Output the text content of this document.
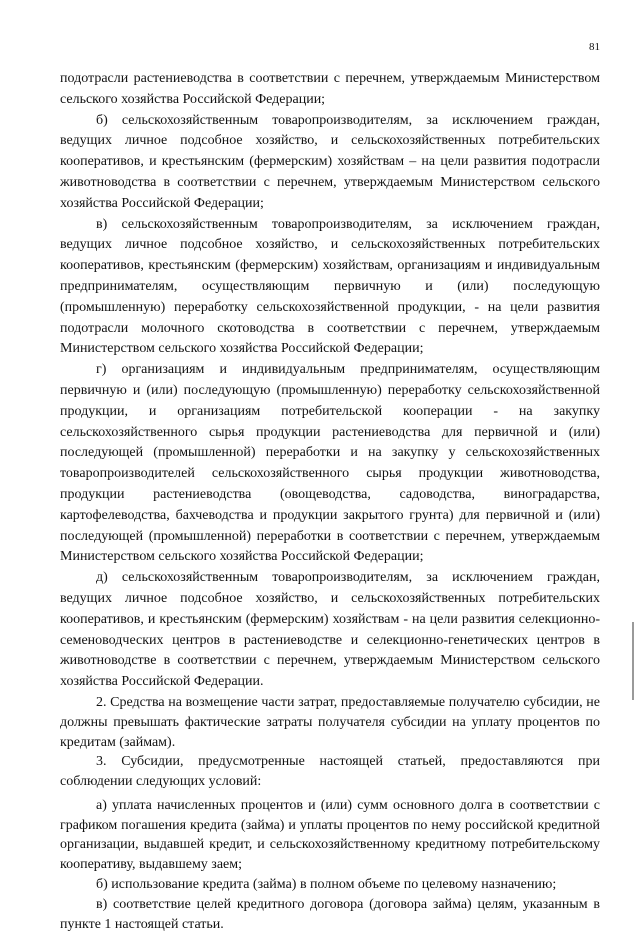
81

подотрасли растениеводства в соответствии с перечнем, утверждаемым Министерством сельского хозяйства Российской Федерации;

б) сельскохозяйственным товаропроизводителям, за исключением граждан, ведущих личное подсобное хозяйство, и сельскохозяйственных потребительских кооперативов, и крестьянским (фермерским) хозяйствам – на цели развития подотрасли животноводства в соответствии с перечнем, утверждаемым Министерством сельского хозяйства Российской Федерации;

в) сельскохозяйственным товаропроизводителям, за исключением граждан, ведущих личное подсобное хозяйство, и сельскохозяйственных потребительских кооперативов, крестьянским (фермерским) хозяйствам, организациям и индивидуальным предпринимателям, осуществляющим первичную и (или) последующую (промышленную) переработку сельскохозяйственной продукции, - на цели развития подотрасли молочного скотоводства в соответствии с перечнем, утверждаемым Министерством сельского хозяйства Российской Федерации;

г) организациям и индивидуальным предпринимателям, осуществляющим первичную и (или) последующую (промышленную) переработку сельскохозяйственной продукции, и организациям потребительской кооперации - на закупку сельскохозяйственного сырья продукции растениеводства для первичной и (или) последующей (промышленной) переработки и на закупку у сельскохозяйственных товаропроизводителей сельскохозяйственного сырья продукции животноводства, продукции растениеводства (овощеводства, садоводства, виноградарства, картофелеводства, бахчеводства и продукции закрытого грунта) для первичной и (или) последующей (промышленной) переработки в соответствии с перечнем, утверждаемым Министерством сельского хозяйства Российской Федерации;

д) сельскохозяйственным товаропроизводителям, за исключением граждан, ведущих личное подсобное хозяйство, и сельскохозяйственных потребительских кооперативов, и крестьянским (фермерским) хозяйствам - на цели развития селекционно-семеноводческих центров в растениеводстве и селекционно-генетических центров в животноводстве в соответствии с перечнем, утверждаемым Министерством сельского хозяйства Российской Федерации.

2. Средства на возмещение части затрат, предоставляемые получателю субсидии, не должны превышать фактические затраты получателя субсидии на уплату процентов по кредитам (займам).

3. Субсидии, предусмотренные настоящей статьей, предоставляются при соблюдении следующих условий:

а) уплата начисленных процентов и (или) сумм основного долга в соответствии с графиком погашения кредита (займа) и уплаты процентов по нему российской кредитной организации, выдавшей кредит, и сельскохозяйственному кредитному потребительскому кооперативу, выдавшему заем;

б) использование кредита (займа) в полном объеме по целевому назначению;

в) соответствие целей кредитного договора (договора займа) целям, указанным в пункте 1 настоящей статьи.
